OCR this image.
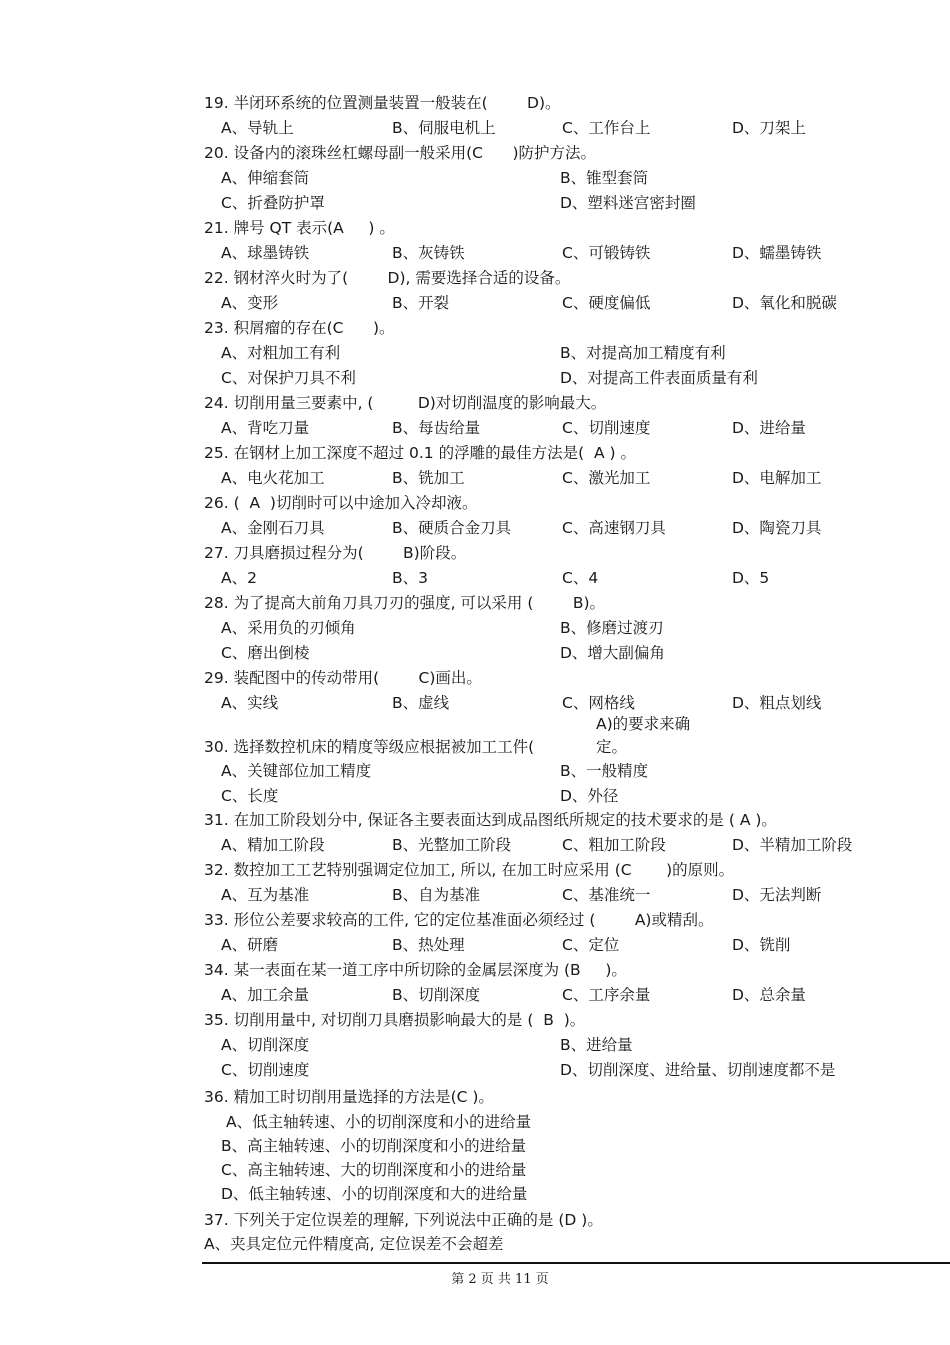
19. 半闭环系统的位置测量装置一般装在(        D)。
A、导轨上	B、伺服电机上	C、工作台上	D、刀架上
20. 设备内的滚珠丝杠螺母副一般采用(C      )防护方法。
A、伸缩套筒	B、锥型套筒
C、折叠防护罩	D、塑料迷宫密封圈
21. 牌号 QT 表示(A     ) 。
A、球墨铸铁	B、灰铸铁	C、可锻铸铁	D、蠕墨铸铁
22. 钢材淬火时为了(        D), 需要选择合适的设备。
A、变形	B、开裂	C、硬度偏低	D、氧化和脱碳
23. 积屑瘤的存在(C      )。
A、对粗加工有利	B、对提高加工精度有利
C、对保护刀具不利	D、对提高工件表面质量有利
24. 切削用量三要素中, (         D)对切削温度的影响最大。
A、背吃刀量	B、每齿给量	C、切削速度	D、进给量
25. 在钢材上加工深度不超过 0.1 的浮雕的最佳方法是(  A ) 。
A、电火花加工	B、铣加工	C、激光加工	D、电解加工
26. (  A  )切削时可以中途加入冷却液。
A、金刚石刀具	B、硬质合金刀具	C、高速钢刀具	D、陶瓷刀具
27. 刀具磨损过程分为(        B)阶段。
A、2	B、3	C、4	D、5
28. 为了提高大前角刀具刀刃的强度, 可以采用 (        B)。
A、采用负的刃倾角	B、修磨过渡刃
C、磨出倒棱	D、增大副偏角
29. 装配图中的传动带用(        C)画出。
A、实线	B、虚线	C、网格线	D、粗点划线
A)的要求来确
30. 选择数控机床的精度等级应根据被加工工件(	定。
A、关键部位加工精度	B、一般精度
C、长度	D、外径
31. 在加工阶段划分中, 保证各主要表面达到成品图纸所规定的技术要求的是 ( A )。
A、精加工阶段	B、光整加工阶段	C、粗加工阶段	D、半精加工阶段
32. 数控加工工艺特别强调定位加工, 所以, 在加工时应采用 (C       )的原则。
A、互为基准	B、自为基准	C、基准统一	D、无法判断
33. 形位公差要求较高的工件, 它的定位基准面必须经过 (        A)或精刮。
A、研磨	B、热处理	C、定位	D、铣削
34. 某一表面在某一道工序中所切除的金属层深度为 (B     )。
A、加工余量	B、切削深度	C、工序余量	D、总余量
35. 切削用量中, 对切削刀具磨损影响最大的是 (  B  )。
A、切削深度	B、进给量
C、切削速度	D、切削深度、进给量、切削速度都不是
36. 精加工时切削用量选择的方法是(C )。
A、低主轴转速、小的切削深度和小的进给量
B、高主轴转速、小的切削深度和小的进给量
C、高主轴转速、大的切削深度和小的进给量
D、低主轴转速、小的切削深度和大的进给量
37. 下列关于定位误差的理解, 下列说法中正确的是 (D )。
A、夹具定位元件精度高, 定位误差不会超差
第 2 页 共 11 页
